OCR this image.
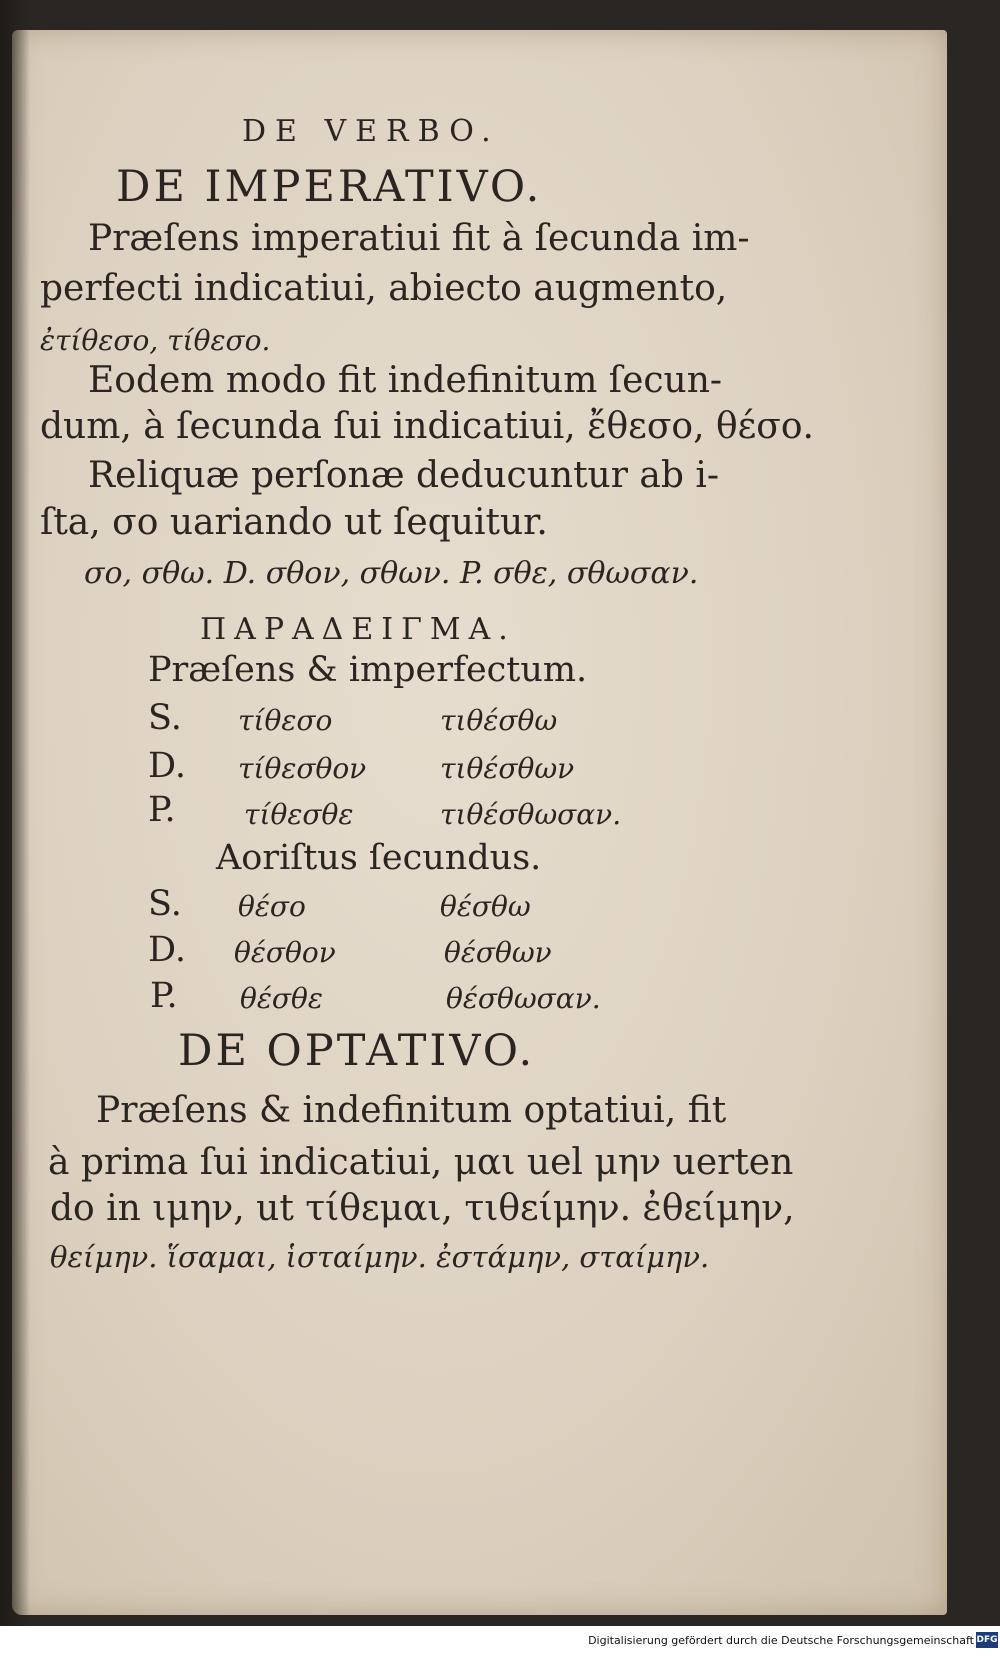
DE VERBO.
DE IMPERATIVO.
Præſens imperatiui fit à ſecunda im-
perfecti indicatiui, abiecto augmento,
ἐτίθεσο, τίθεσο.
Eodem modo fit indefinitum ſecun-
dum, à ſecunda ſui indicatiui, ἔθεσο, θέσο.
Reliquæ perſonæ deducuntur ab i-
ſta, σο uariando ut ſequitur.
σο, σθω. D. σθον, σθων. P. σθε, σθωσαν.
ΠΑΡΑΔΕΙΓΜΑ.
Præſens & imperfectum.
S. τίθεσο	τιθέσθω
D. τίθεσθον	τιθέσθων
P. τίθεσθε	τιθέσθωσαν.
Aoriſtus ſecundus.
S. θέσο	θέσθω
D. θέσθον	θέσθων
P. θέσθε	θέσθωσαν.
DE OPTATIVO.
Præſens & indefinitum optatiui, fit
à prima ſui indicatiui, μαι uel μην uerten
do in ιμην, ut τίθεμαι, τιθείμην. ἐθείμην,
θείμην. ἵσαμαι, ἱσταίμην. ἐστάμην, σταίμην.
Digitalisierung gefördert durch die Deutsche Forschungsgemeinschaft DFG
